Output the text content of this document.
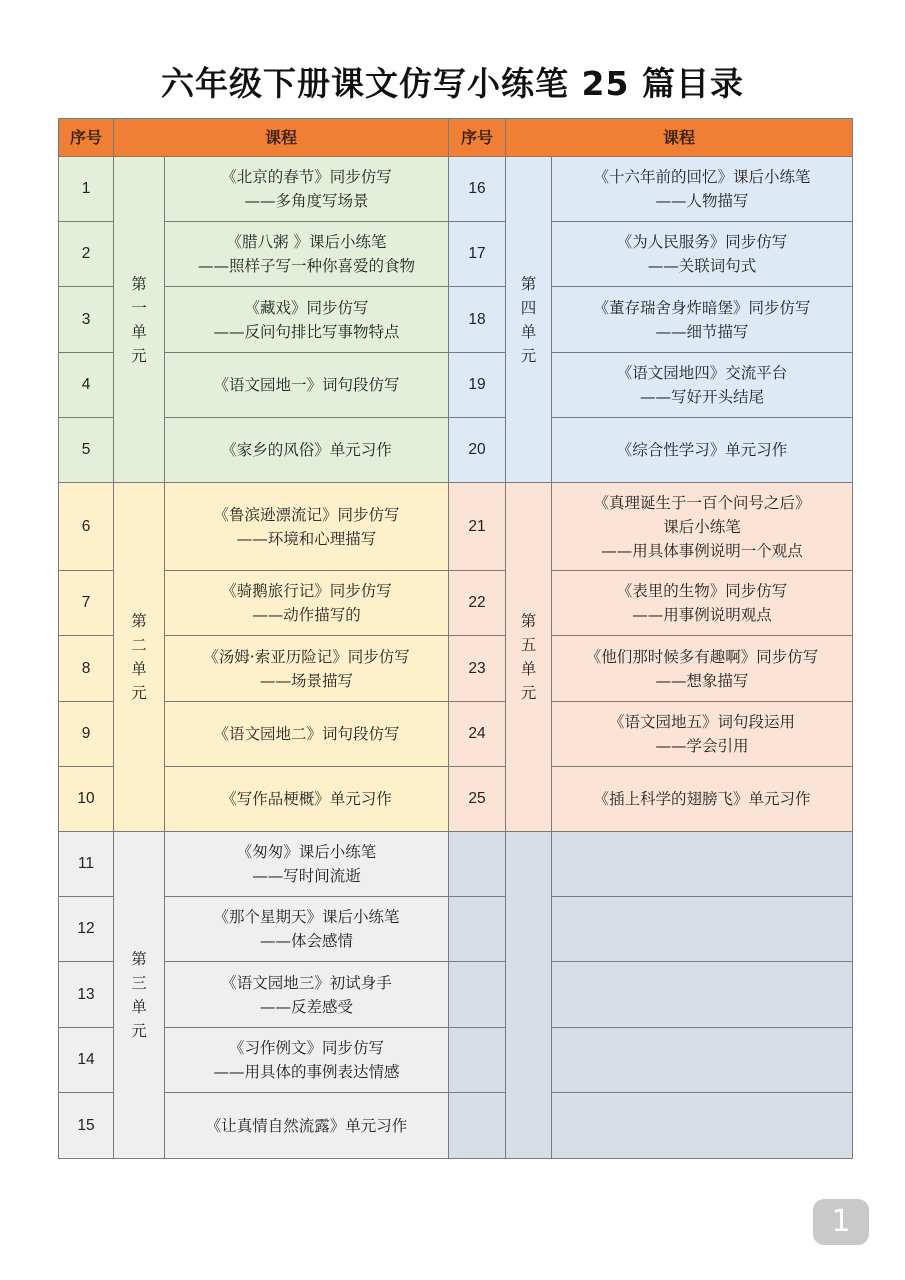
六年级下册课文仿写小练笔 25 篇目录
序号	课程		序号	课程	
1	第
一
单
元	《北京的春节》同步仿写
——多角度写场景	16	第
四
单
元	《十六年前的回忆》课后小练笔
——人物描写

2		《腊八粥 》课后小练笔
——照样子写一种你喜爱的食物	17		《为人民服务》同步仿写
——关联词句式

3		《藏戏》同步仿写
——反问句排比写事物特点	18		《董存瑞舍身炸暗堡》同步仿写
——细节描写

4		《语文园地一》词句段仿写	19		《语文园地四》交流平台
——写好开头结尾

5		《家乡的风俗》单元习作	20		《综合性学习》单元习作

6	第
二
单
元	《鲁滨逊漂流记》同步仿写
——环境和心理描写	21	第
五
单
元	《真理诞生于一百个问号之后》
课后小练笔
——用具体事例说明一个观点

7		《骑鹅旅行记》同步仿写
——动作描写的	22		《表里的生物》同步仿写
——用事例说明观点

8		《汤姆·索亚历险记》同步仿写
——场景描写	23		《他们那时候多有趣啊》同步仿写
——想象描写

9		《语文园地二》词句段仿写	24		《语文园地五》词句段运用
——学会引用

10		《写作品梗概》单元习作	25		《插上科学的翅膀飞》单元习作

11	第
三
单
元	《匆匆》课后小练笔
——写时间流逝			

12		《那个星期天》课后小练笔
——体会感情			

13		《语文园地三》初试身手
——反差感受			

14		《习作例文》同步仿写
——用具体的事例表达情感			

15		《让真情自然流露》单元习作			

1
